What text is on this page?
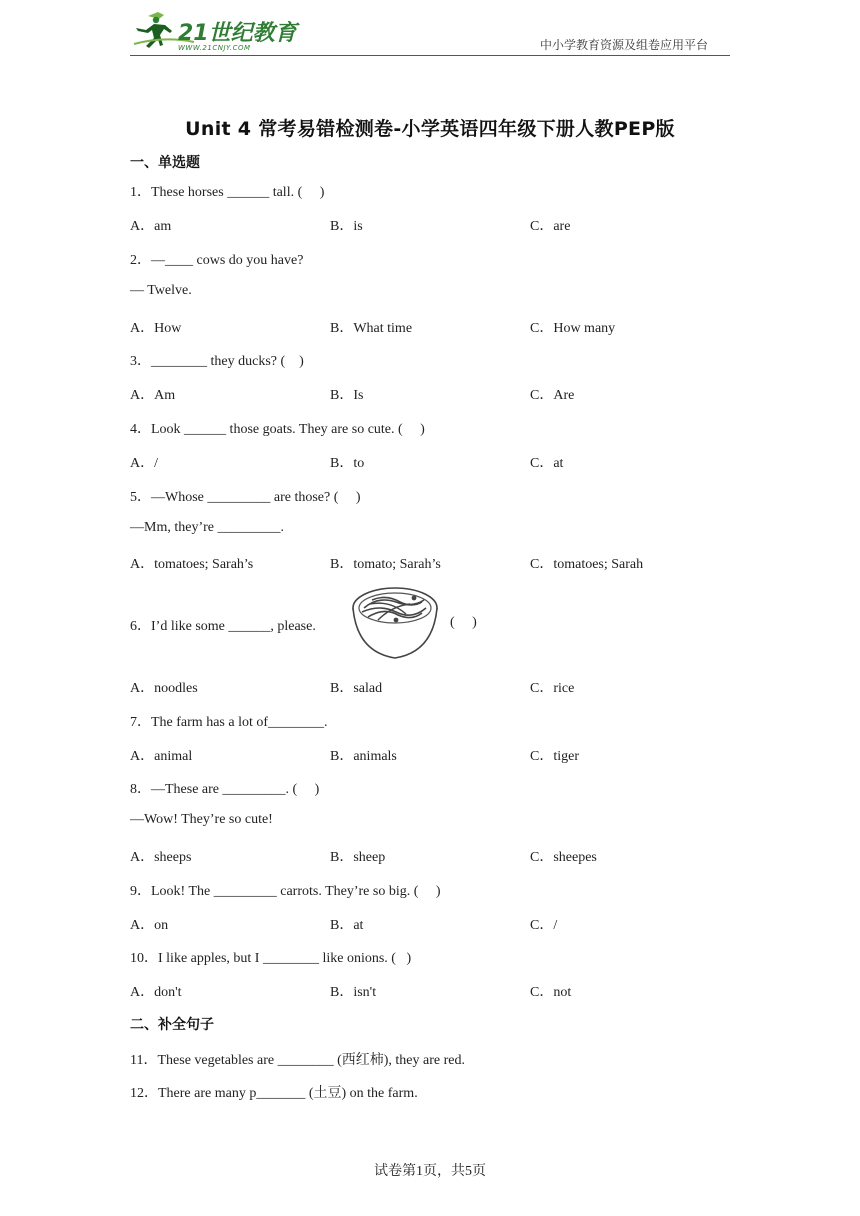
21世纪教育
WWW.21CNJY.COM	中小学教育资源及组卷应用平台
Unit 4 常考易错检测卷-小学英语四年级下册人教PEP版
一、单选题
1．These horses ______ tall. (     )
A．am	B．is	C．are
2．—____ cows do you have?
— Twelve.
A．How	B．What time	C．How many
3．________ they ducks? (    )
A．Am	B．Is	C．Are
4．Look ______ those goats. They are so cute. (     )
A．/	B．to	C．at
5．—Whose _________ are those? (     )
—Mm, they’re _________.
A．tomatoes; Sarah’s	B．tomato; Sarah’s	C．tomatoes; Sarah
6．I’d like some ______, please.	(     )
A．noodles	B．salad	C．rice
7．The farm has a lot of________.
A．animal	B．animals	C．tiger
8．—These are _________. (     )
—Wow! They’re so cute!
A．sheeps	B．sheep	C．sheepes
9．Look! The _________ carrots. They’re so big. (     )
A．on	B．at	C．/
10．I like apples, but I ________ like onions. (   )
A．don't	B．isn't	C．not
二、补全句子
11．These vegetables are ________ (西红柿), they are red.
12．There are many p_______ (土豆) on the farm.
试卷第1页，共5页
